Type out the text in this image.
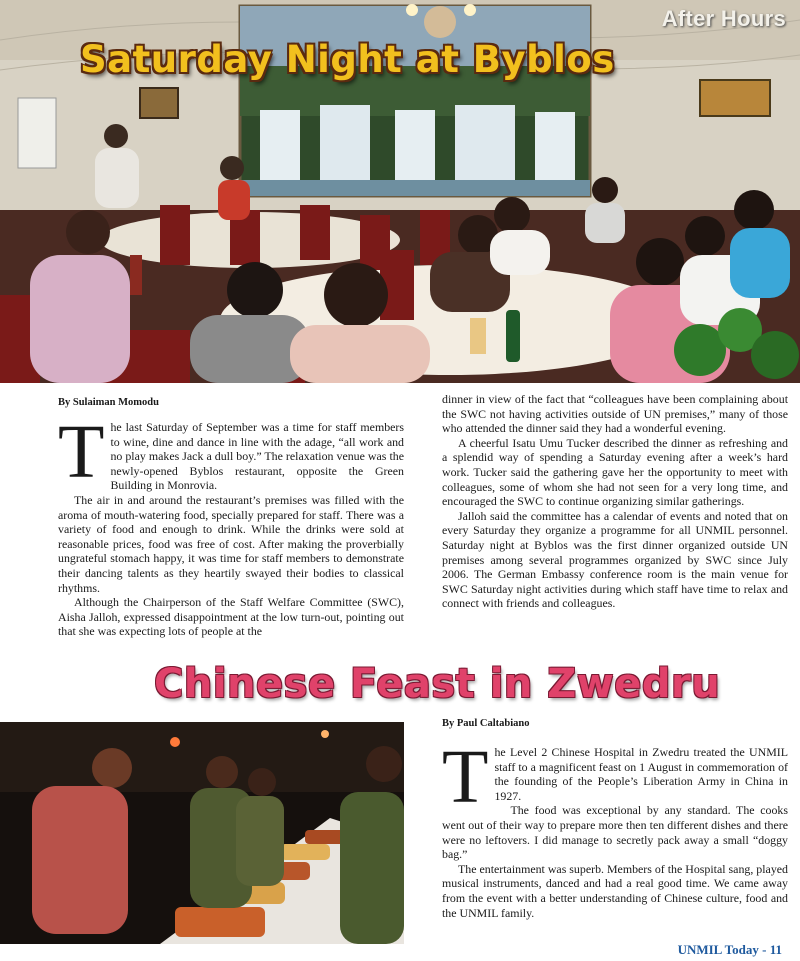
After Hours
Saturday Night at Byblos
By Sulaiman Momodu
T he last Saturday of September was a time for staff members to wine, dine and dance in line with the adage, “all work and no play makes Jack a dull boy.” The relaxation venue was the newly-opened Byblos restaurant, opposite the Green Building in Monrovia.

The air in and around the restaurant’s premises was filled with the aroma of mouth-watering food, specially prepared for staff. There was a variety of food and enough to drink. While the drinks were sold at reasonable prices, food was free of cost. After making the proverbially ungrateful stomach happy, it was time for staff members to demonstrate their dancing talents as they heartily swayed their bodies to classical rhythms.

Although the Chairperson of the Staff Welfare Committee (SWC), Aisha Jalloh, expressed disappointment at the low turn-out, pointing out that she was expecting lots of people at the

dinner in view of the fact that “colleagues have been complaining about the SWC not having activities outside of UN premises,” many of those who attended the dinner said they had a wonderful evening.

A cheerful Isatu Umu Tucker described the dinner as refreshing and a splendid way of spending a Saturday evening after a week’s hard work. Tucker said the gathering gave her the opportunity to meet with colleagues, some of whom she had not seen for a very long time, and encouraged the SWC to continue organizing similar gatherings.

Jalloh said the committee has a calendar of events and noted that on every Saturday they organize a programme for all UNMIL personnel. Saturday night at Byblos was the first dinner organized outside UN premises among several programmes organized by SWC since July 2006. The German Embassy conference room is the main venue for SWC Saturday night activities during which staff have time to relax and connect with friends and colleagues.

Chinese Feast in Zwedru
By Paul Caltabiano
T he Level 2 Chinese Hospital in Zwedru treated the UNMIL staff to a magnificent feast on 1 August in commemoration of the founding of the People’s Liberation Army in China in 1927.

The food was exceptional by any standard. The cooks went out of their way to prepare more then ten different dishes and there were no leftovers. I did manage to secretly pack away a small “doggy bag.”

The entertainment was superb. Members of the Hospital sang, played musical instruments, danced and had a real good time. We came away from the event with a better understanding of Chinese culture, food and the UNMIL family.

UNMIL Today - 11
